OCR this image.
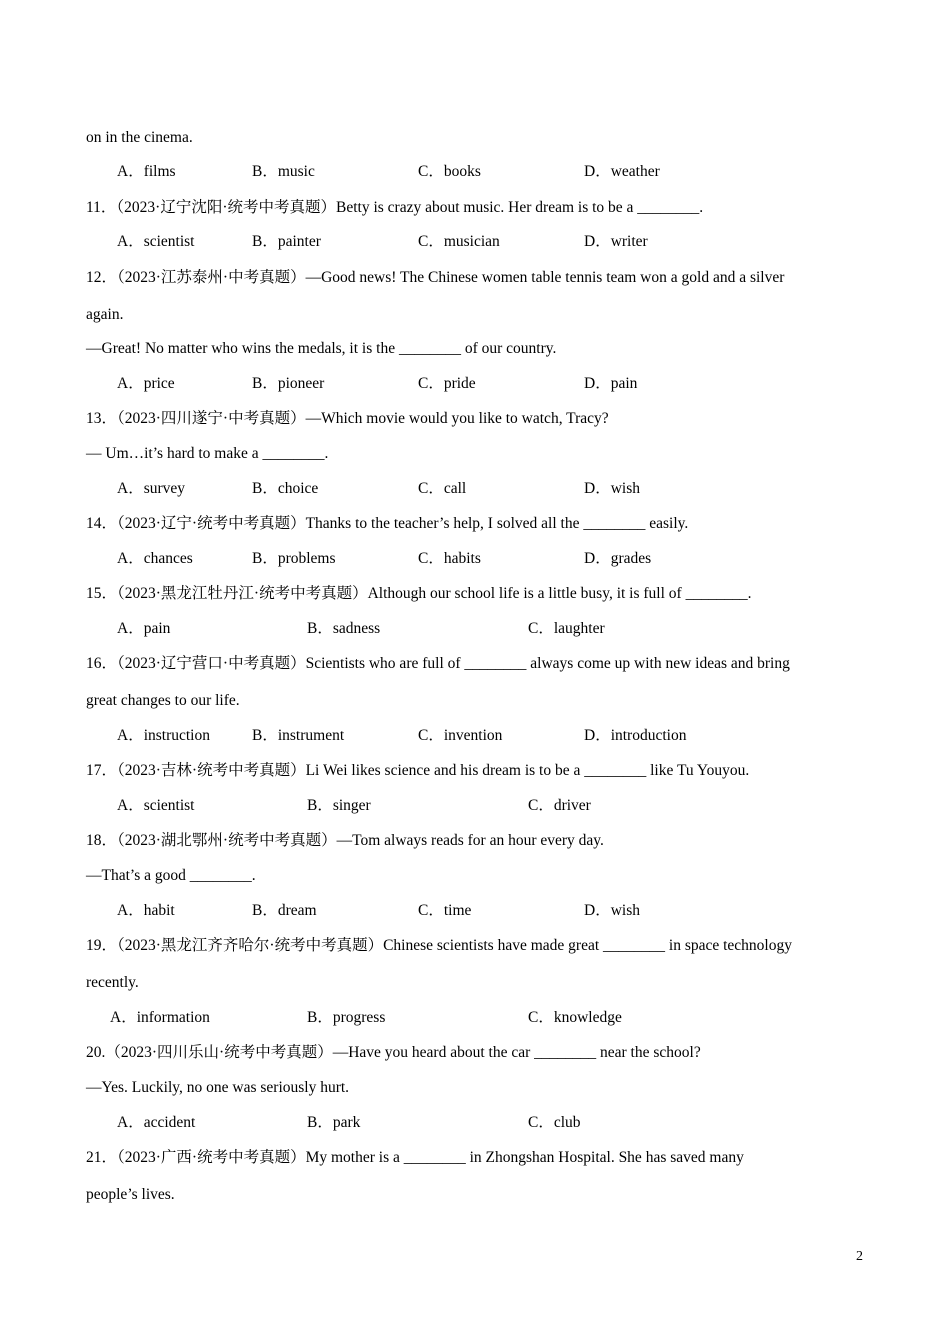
on in the cinema.
A．films	B．music	C．books	D．weather
11．（2023·辽宁沈阳·统考中考真题）Betty is crazy about music. Her dream is to be a ________.
A．scientist	B．painter	C．musician	D．writer
12．（2023·江苏泰州·中考真题）—Good news! The Chinese women table tennis team won a gold and a silver
again.
—Great! No matter who wins the medals, it is the ________ of our country.
A．price	B．pioneer	C．pride	D．pain
13．（2023·四川遂宁·中考真题）—Which movie would you like to watch, Tracy?
— Um…it’s hard to make a ________.
A．survey	B．choice	C．call	D．wish
14．（2023·辽宁·统考中考真题）Thanks to the teacher’s help, I solved all the ________ easily.
A．chances	B．problems	C．habits	D．grades
15．（2023·黑龙江牡丹江·统考中考真题）Although our school life is a little busy, it is full of ________.
A．pain	B．sadness	C．laughter
16．（2023·辽宁营口·中考真题）Scientists who are full of ________ always come up with new ideas and bring
great changes to our life.
A．instruction	B．instrument	C．invention	D．introduction
17．（2023·吉林·统考中考真题）Li Wei likes science and his dream is to be a ________ like Tu Youyou.
A．scientist	B．singer	C．driver
18．（2023·湖北鄂州·统考中考真题）—Tom always reads for an hour every day.
—That’s a good ________.
A．habit	B．dream	C．time	D．wish
19．（2023·黑龙江齐齐哈尔·统考中考真题）Chinese scientists have made great ________ in space technology
recently.
A．information	B．progress	C．knowledge
20.（2023·四川乐山·统考中考真题）—Have you heard about the car ________ near the school?
—Yes. Luckily, no one was seriously hurt.
A．accident	B．park	C．club
21．（2023·广西·统考中考真题）My mother is a ________ in Zhongshan Hospital. She has saved many
people’s lives.
2
